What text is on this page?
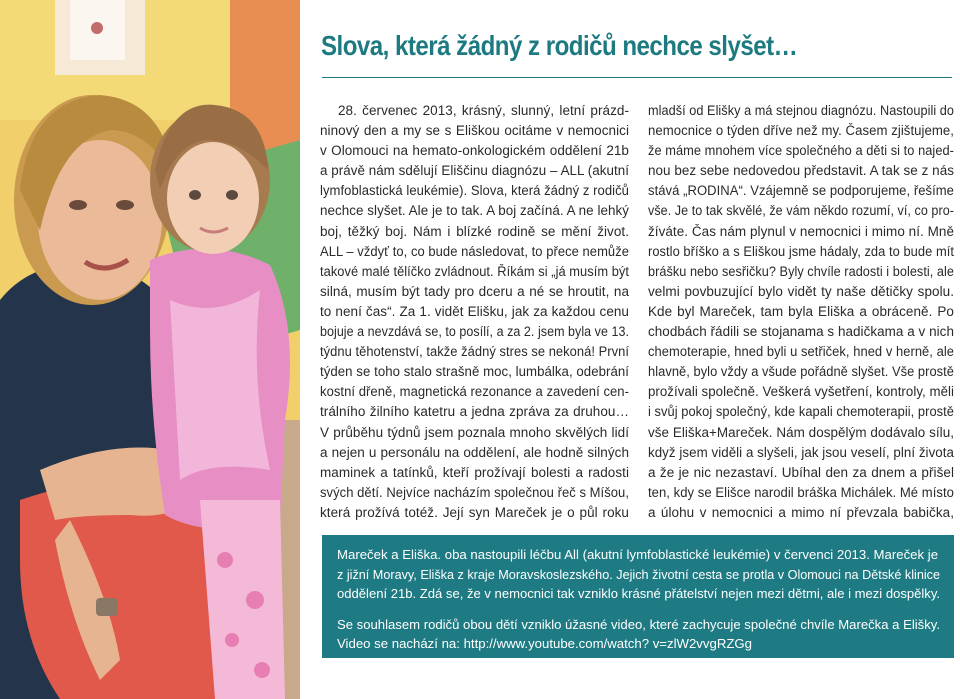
Slova, která žádný z rodičů nechce slyšet…

28. červenec 2013, krásný, slunný, letní prázd-

ninový den a my se s Eliškou ocitáme v nemocnici

v Olomouci na hemato-onkologickém oddělení 21b

a právě nám sdělují Eliščinu diagnózu – ALL (akutní

lymfoblastická leukémie). Slova, která žádný z rodičů

nechce slyšet. Ale je to tak. A boj začíná. A ne lehký

boj, těžký boj. Nám i blízké rodině se mění život.

ALL – vždyť to, co bude následovat, to přece nemůže

takové malé tělíčko zvládnout. Říkám si „já musím být

silná, musím být tady pro dceru a né se hroutit, na

to není čas“. Za 1. vidět Elišku, jak za každou cenu

bojuje a nevzdává se, to posílí, a za 2. jsem byla ve 13.

týdnu těhotenství, takže žádný stres se nekoná! První

týden se toho stalo strašně moc, lumbálka, odebrání

kostní dřeně, magnetická rezonance a zavedení cen-

trálního žilního katetru a jedna zpráva za druhou…

V průběhu týdnů jsem poznala mnoho skvělých lidí

a nejen u personálu na oddělení, ale hodně silných

maminek a tatínků, kteří prožívají bolesti a radosti

svých dětí. Nejvíce nacházím společnou řeč s Míšou,

která prožívá totéž. Její syn Mareček je o půl roku

mladší od Elišky a má stejnou diagnózu. Nastoupili do

nemocnice o týden dříve než my. Časem zjištujeme,

že máme mnohem více společného a děti si to najed-

nou bez sebe nedovedou představit. A tak se z nás

stává „RODINA“. Vzájemně se podporujeme, řešíme

vše. Je to tak skvělé, že vám někdo rozumí, ví, co pro-

žíváte. Čas nám plynul v nemocnici i mimo ní. Mně

rostlo bříško a s Eliškou jsme hádaly, zda to bude mít

brášku nebo sesřičku? Byly chvíle radosti i bolesti, ale

velmi povbuzující bylo vidět ty naše dětičky spolu.

Kde byl Mareček, tam byla Eliška a obráceně. Po

chodbách řádili se stojanama s hadičkama a v nich

chemoterapie, hned byli u setřiček, hned v herně, ale

hlavně, bylo vždy a všude pořádně slyšet. Vše prostě

prožívali společně. Veškerá vyšetření, kontroly, měli

i svůj pokoj společný, kde kapali chemoterapii, prostě

vše Eliška+Mareček. Nám dospělým dodávalo sílu,

když jsem viděli a slyšeli, jak jsou veselí, plní života

a že je nic nezastaví. Ubíhal den za dnem a přišel

ten, kdy se Elišce narodil bráška Michálek. Mé místo

a úlohu v nemocnici a mimo ní převzala babička,

Mareček a Eliška. oba nastoupili léčbu All (akutní lymfoblastické leukémie) v červenci 2013. Mareček je

z jižní Moravy, Eliška z kraje Moravskoslezského. Jejich životní cesta se protla v Olomouci na Dětské klinice

oddělení 21b. Zdá se, že v nemocnici tak vzniklo krásné přátelství nejen mezi dětmi, ale i mezi dospělky.

Se souhlasem rodičů obou dětí vzniklo úžasné video, které zachycuje společné chvíle Marečka a Elišky.

Video se nachází na: http://www.youtube.com/watch? v=zlW2vvgRZGg
